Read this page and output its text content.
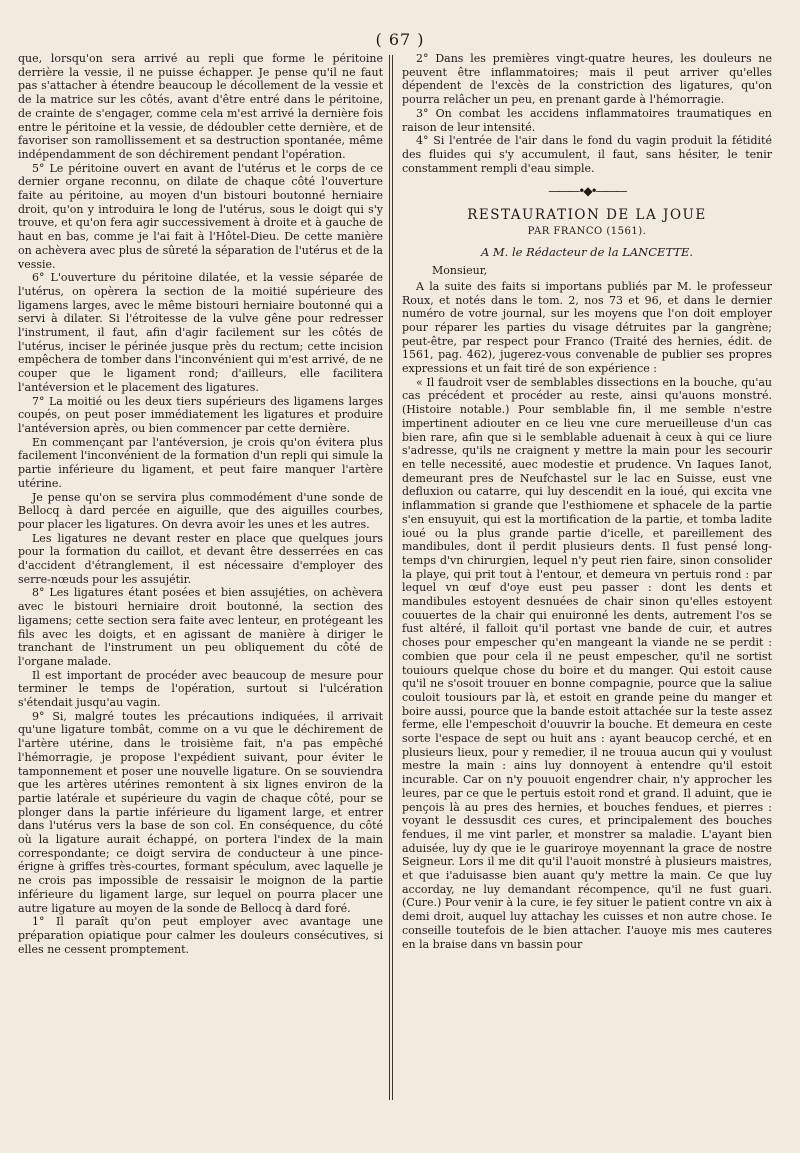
( 67 )

que, lorsqu'on sera arrivé au repli que forme le péritoine derrière la vessie, il ne puisse échapper. Je pense qu'il ne faut pas s'attacher à étendre beaucoup le décollement de la vessie et de la matrice sur les côtés, avant d'être entré dans le péritoine, de crainte de s'engager, comme cela m'est arrivé la dernière fois entre le péritoine et la vessie, de dédoubler cette dernière, et de favoriser son ramollissement et sa destruction spontanée, même indépendamment de son déchirement pendant l'opération.

5° Le péritoine ouvert en avant de l'utérus et le corps de ce dernier organe reconnu, on dilate de chaque côté l'ouverture faite au péritoine, au moyen d'un bistouri boutonné herniaire droit, qu'on y introduira le long de l'utérus, sous le doigt qui s'y trouve, et qu'on fera agir successivement à droite et à gauche de haut en bas, comme je l'ai fait à l'Hôtel-Dieu. De cette manière on achèvera avec plus de sûreté la séparation de l'utérus et de la vessie.

6° L'ouverture du péritoine dilatée, et la vessie séparée de l'utérus, on opèrera la section de la moitié supérieure des ligamens larges, avec le même bistouri herniaire boutonné qui a servi à dilater. Si l'étroitesse de la vulve gêne pour redresser l'instrument, il faut, afin d'agir facilement sur les côtés de l'utérus, inciser le périnée jusque près du rectum; cette incision empêchera de tomber dans l'inconvénient qui m'est arrivé, de ne couper que le ligament rond; d'ailleurs, elle facilitera l'antéversion et le placement des ligatures.

7° La moitié ou les deux tiers supérieurs des ligamens larges coupés, on peut poser immédiatement les ligatures et produire l'antéversion après, ou bien commencer par cette dernière.

En commençant par l'antéversion, je crois qu'on évitera plus facilement l'inconvénient de la formation d'un repli qui simule la partie inférieure du ligament, et peut faire manquer l'artère utérine.

Je pense qu'on se servira plus commodément d'une sonde de Bellocq à dard percée en aiguille, que des aiguilles courbes, pour placer les ligatures. On devra avoir les unes et les autres.

Les ligatures ne devant rester en place que quelques jours pour la formation du caillot, et devant être desserrées en cas d'accident d'étranglement, il est nécessaire d'employer des serre-nœuds pour les assujétir.

8° Les ligatures étant posées et bien assujéties, on achèvera avec le bistouri herniaire droit boutonné, la section des ligamens; cette section sera faite avec lenteur, en protégeant les fils avec les doigts, et en agissant de manière à diriger le tranchant de l'instrument un peu obliquement du côté de l'organe malade.

Il est important de procéder avec beaucoup de mesure pour terminer le temps de l'opération, surtout si l'ulcération s'étendait jusqu'au vagin.

9° Si, malgré toutes les précautions indiquées, il arrivait qu'une ligature tombât, comme on a vu que le déchirement de l'artère utérine, dans le troisième fait, n'a pas empêché l'hémorragie, je propose l'expédient suivant, pour éviter le tamponnement et poser une nouvelle ligature. On se souviendra que les artères utérines remontent à six lignes environ de la partie latérale et supérieure du vagin de chaque côté, pour se plonger dans la partie inférieure du ligament large, et entrer dans l'utérus vers la base de son col. En conséquence, du côté où la ligature aurait échappé, on portera l'index de la main correspondante; ce doigt servira de conducteur à une pince-érigne à griffes très-courtes, formant spéculum, avec laquelle je ne crois pas impossible de ressaisir le moignon de la partie inférieure du ligament large, sur lequel on pourra placer une autre ligature au moyen de la sonde de Bellocq à dard foré.

1° Il paraît qu'on peut employer avec avantage une préparation opiatique pour calmer les douleurs consécutives, si elles ne cessent promptement.

2° Dans les premières vingt-quatre heures, les douleurs ne peuvent être inflammatoires; mais il peut arriver qu'elles dépendent de l'excès de la constriction des ligatures, qu'on pourra relâcher un peu, en prenant garde à l'hémorragie.

3° On combat les accidens inflammatoires traumatiques en raison de leur intensité.

4° Si l'entrée de l'air dans le fond du vagin produit la fétidité des fluides qui s'y accumulent, il faut, sans hésiter, le tenir constamment rempli d'eau simple.

———•◆•———
RESTAURATION DE LA JOUE
PAR FRANCO (1561).
A M. le Rédacteur de la LANCETTE.

Monsieur,

A la suite des faits si importans publiés par M. le professeur Roux, et notés dans le tom. 2, nos 73 et 96, et dans le dernier numéro de votre journal, sur les moyens que l'on doit employer pour réparer les parties du visage détruites par la gangrène; peut-être, par respect pour Franco (Traité des hernies, édit. de 1561, pag. 462), jugerez-vous convenable de publier ses propres expressions et un fait tiré de son expérience :

« Il faudroit vser de semblables dissections en la bouche, qu'au cas précédent et procéder au reste, ainsi qu'auons monstré. (Histoire notable.) Pour semblable fin, il me semble n'estre impertinent adiouter en ce lieu vne cure merueilleuse d'un cas bien rare, afin que si le semblable aduenait à ceux à qui ce liure s'adresse, qu'ils ne craignent y mettre la main pour les secourir en telle necessité, auec modestie et prudence. Vn Iaques Ianot, demeurant pres de Neufchastel sur le lac en Suisse, eust vne defluxion ou catarre, qui luy descendit en la ioué, qui excita vne inflammation si grande que l'esthiomene et sphacele de la partie s'en ensuyuit, qui est la mortification de la partie, et tomba ladite ioué ou la plus grande partie d'icelle, et pareillement des mandibules, dont il perdit plusieurs dents. Il fust pensé long-temps d'vn chirurgien, lequel n'y peut rien faire, sinon consolider la playe, qui prit tout à l'entour, et demeura vn pertuis rond : par lequel vn œuf d'oye eust peu passer : dont les dents et mandibules estoyent desnuées de chair sinon qu'elles estoyent couuertes de la chair qui enuironné les dents, autrement l'os se fust altéré, il falloit qu'il portast vne bande de cuir, et autres choses pour empescher qu'en mangeant la viande ne se perdit : combien que pour cela il ne peust empescher, qu'il ne sortist touiours quelque chose du boire et du manger. Qui estoit cause qu'il ne s'osoit trouuer en bonne compagnie, pource que la saliue couloit tousiours par là, et estoit en grande peine du manger et boire aussi, pource que la bande estoit attachée sur la teste assez ferme, elle l'empeschoit d'ouuvrir la bouche. Et demeura en ceste sorte l'espace de sept ou huit ans : ayant beaucop cerché, et en plusieurs lieux, pour y remedier, il ne trouua aucun qui y voulust mestre la main : ains luy donnoyent à entendre qu'il estoit incurable. Car on n'y pouuoit engendrer chair, n'y approcher les leures, par ce que le pertuis estoit rond et grand. Il aduint, que ie pençois là au pres des hernies, et bouches fendues, et pierres : voyant le dessusdit ces cures, et principalement des bouches fendues, il me vint parler, et monstrer sa maladie. L'ayant bien aduisée, luy dy que ie le guariroye moyennant la grace de nostre Seigneur. Lors il me dit qu'il l'auoit monstré à plusieurs maistres, et que i'aduisasse bien auant qu'y mettre la main. Ce que luy accorday, ne luy demandant récompence, qu'il ne fust guari. (Cure.) Pour venir à la cure, ie fey situer le patient contre vn aix à demi droit, auquel luy attachay les cuisses et non autre chose. Ie conseille toutefois de le bien attacher. I'auoye mis mes cauteres en la braise dans vn bassin pour
